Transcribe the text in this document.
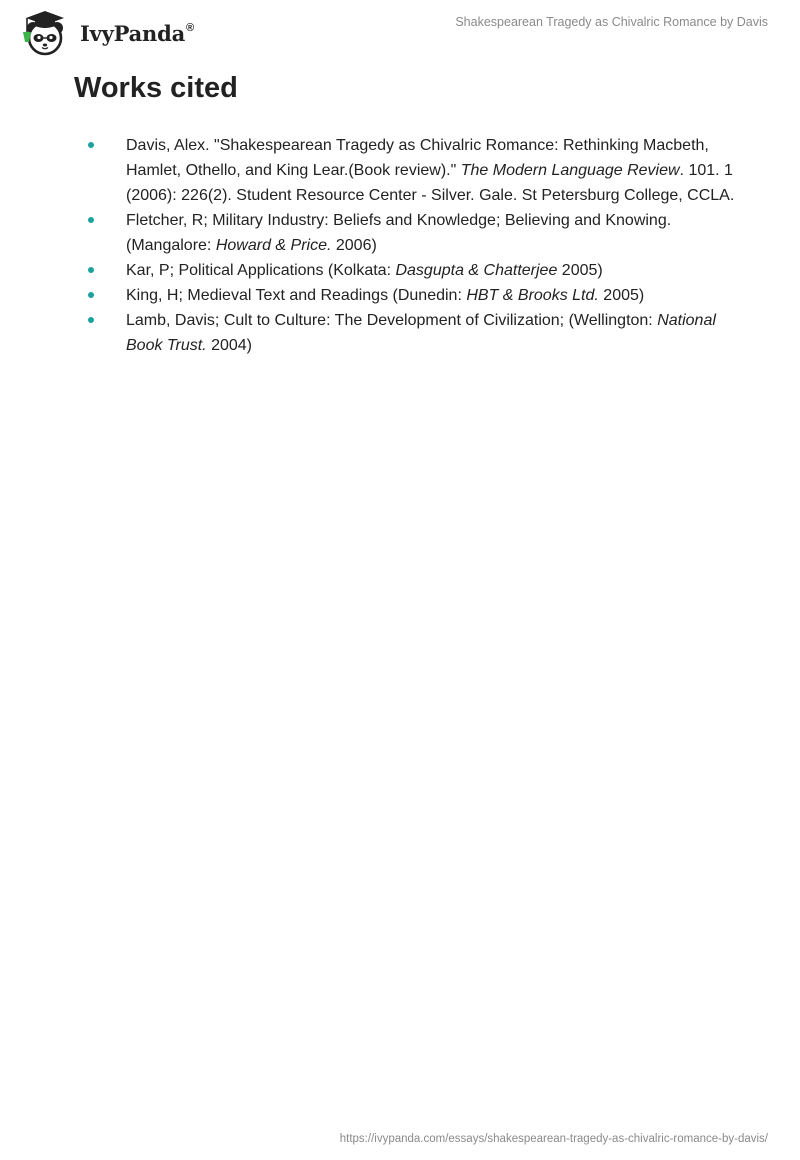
IvyPanda®	Shakespearean Tragedy as Chivalric Romance by Davis
Works cited
Davis, Alex. "Shakespearean Tragedy as Chivalric Romance: Rethinking Macbeth, Hamlet, Othello, and King Lear.(Book review)." The Modern Language Review. 101. 1 (2006): 226(2). Student Resource Center - Silver. Gale. St Petersburg College, CCLA.
Fletcher, R; Military Industry: Beliefs and Knowledge; Believing and Knowing. (Mangalore: Howard & Price. 2006)
Kar, P; Political Applications (Kolkata: Dasgupta & Chatterjee 2005)
King, H; Medieval Text and Readings (Dunedin: HBT & Brooks Ltd. 2005)
Lamb, Davis; Cult to Culture: The Development of Civilization; (Wellington: National Book Trust. 2004)
https://ivypanda.com/essays/shakespearean-tragedy-as-chivalric-romance-by-davis/
